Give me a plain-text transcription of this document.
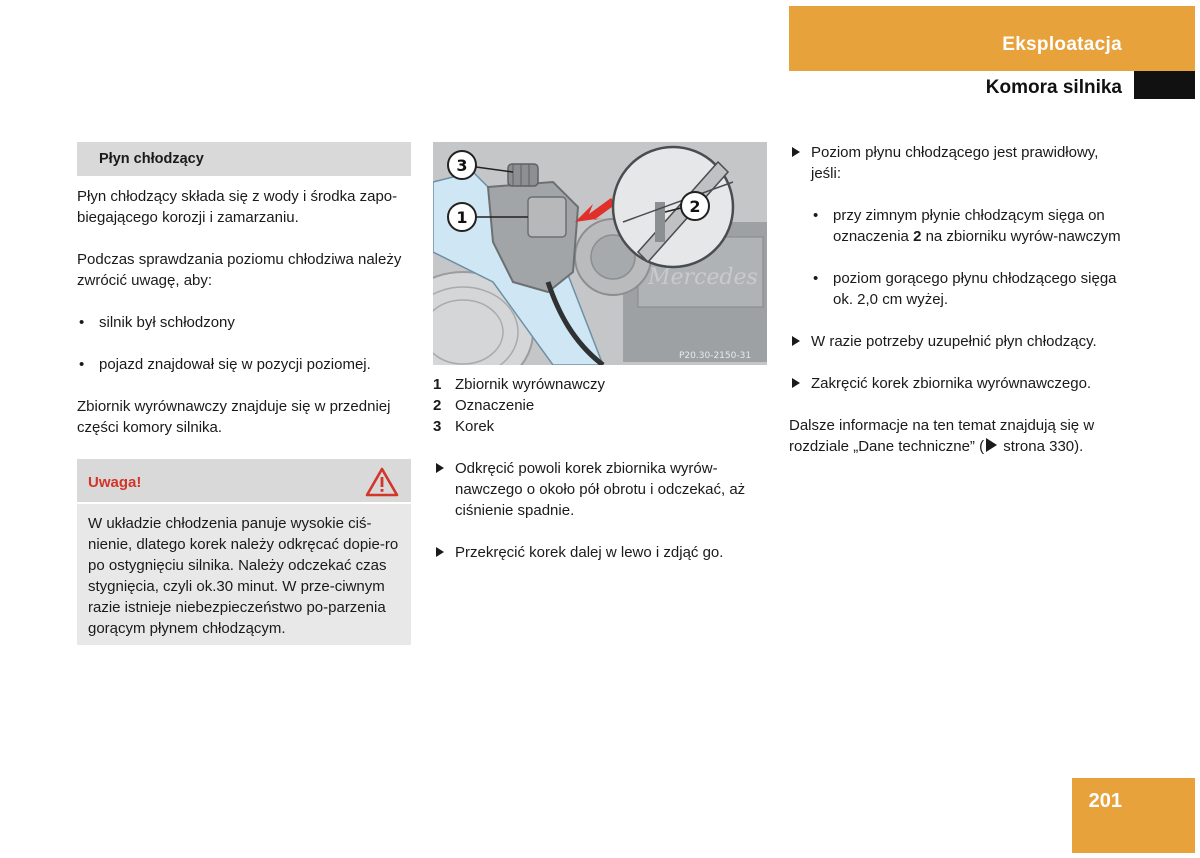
Eksploatacja
Komora silnika
Płyn chłodzący

Płyn chłodzący składa się z wody i środka zapo-biegającego korozji i zamarzaniu.

Podczas sprawdzania poziomu chłodziwa należy zwrócić uwagę, aby:

• silnik był schłodzony

• pojazd znajdował się w pozycji poziomej.

Zbiornik wyrównawczy znajduje się w przedniej części komory silnika.

Uwaga!

W układzie chłodzenia panuje wysokie ciś-nienie, dlatego korek należy odkręcać dopie-ro po ostygnięciu silnika. Należy odczekać czas stygnięcia, czyli ok.30 minut. W prze-ciwnym razie istnieje niebezpieczeństwo po-parzenia gorącym płynem chłodzącym.

Mercedes
3
1
2
P20.30-2150-31
1 Zbiornik wyrównawczy
2 Oznaczenie
3 Korek

Odkręcić powoli korek zbiornika wyrów-nawczego o około pół obrotu i odczekać, aż ciśnienie spadnie.

Przekręcić korek dalej w lewo i zdjąć go.

Poziom płynu chłodzącego jest prawidłowy, jeśli:

• przy zimnym płynie chłodzącym sięga on oznaczenia 2 na zbiorniku wyrów-nawczym

• poziom gorącego płynu chłodzącego sięga ok. 2,0 cm wyżej.

W razie potrzeby uzupełnić płyn chłodzący.

Zakręcić korek zbiornika wyrównawczego.

Dalsze informacje na ten temat znajdują się w rozdziale „Dane techniczne” ( strona 330).

201
